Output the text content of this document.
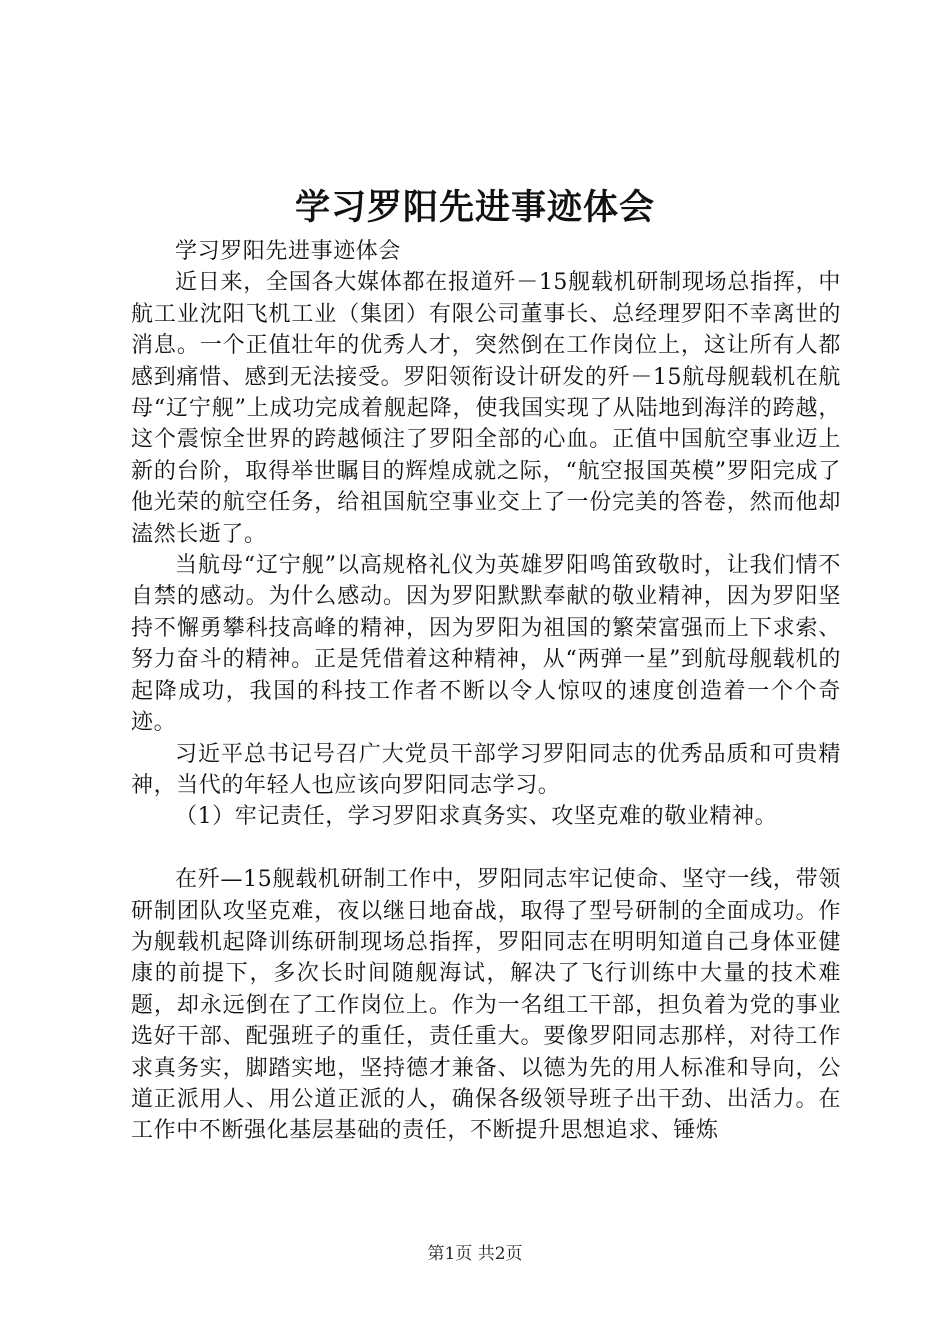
学习罗阳先进事迹体会

学习罗阳先进事迹体会

近日来，全国各大媒体都在报道歼－15舰载机研制现场总指挥，中航工业沈阳飞机工业（集团）有限公司董事长、总经理罗阳不幸离世的消息。一个正值壮年的优秀人才，突然倒在工作岗位上，这让所有人都感到痛惜、感到无法接受。罗阳领衔设计研发的歼－15航母舰载机在航母“辽宁舰”上成功完成着舰起降，使我国实现了从陆地到海洋的跨越，这个震惊全世界的跨越倾注了罗阳全部的心血。正值中国航空事业迈上新的台阶，取得举世瞩目的辉煌成就之际，“航空报国英模”罗阳完成了他光荣的航空任务，给祖国航空事业交上了一份完美的答卷，然而他却溘然长逝了。

当航母“辽宁舰”以高规格礼仪为英雄罗阳鸣笛致敬时，让我们情不自禁的感动。为什么感动。因为罗阳默默奉献的敬业精神，因为罗阳坚持不懈勇攀科技高峰的精神，因为罗阳为祖国的繁荣富强而上下求索、努力奋斗的精神。正是凭借着这种精神，从“两弹一星”到航母舰载机的起降成功，我国的科技工作者不断以令人惊叹的速度创造着一个个奇迹。

习近平总书记号召广大党员干部学习罗阳同志的优秀品质和可贵精神，当代的年轻人也应该向罗阳同志学习。

（1）牢记责任，学习罗阳求真务实、攻坚克难的敬业精神。

在歼—15舰载机研制工作中，罗阳同志牢记使命、坚守一线，带领研制团队攻坚克难，夜以继日地奋战，取得了型号研制的全面成功。作为舰载机起降训练研制现场总指挥，罗阳同志在明明知道自己身体亚健康的前提下，多次长时间随舰海试，解决了飞行训练中大量的技术难题，却永远倒在了工作岗位上。作为一名组工干部，担负着为党的事业选好干部、配强班子的重任，责任重大。要像罗阳同志那样，对待工作求真务实，脚踏实地，坚持德才兼备、以德为先的用人标准和导向，公道正派用人、用公道正派的人，确保各级领导班子出干劲、出活力。在工作中不断强化基层基础的责任，不断提升思想追求、锤炼

第1页 共2页
